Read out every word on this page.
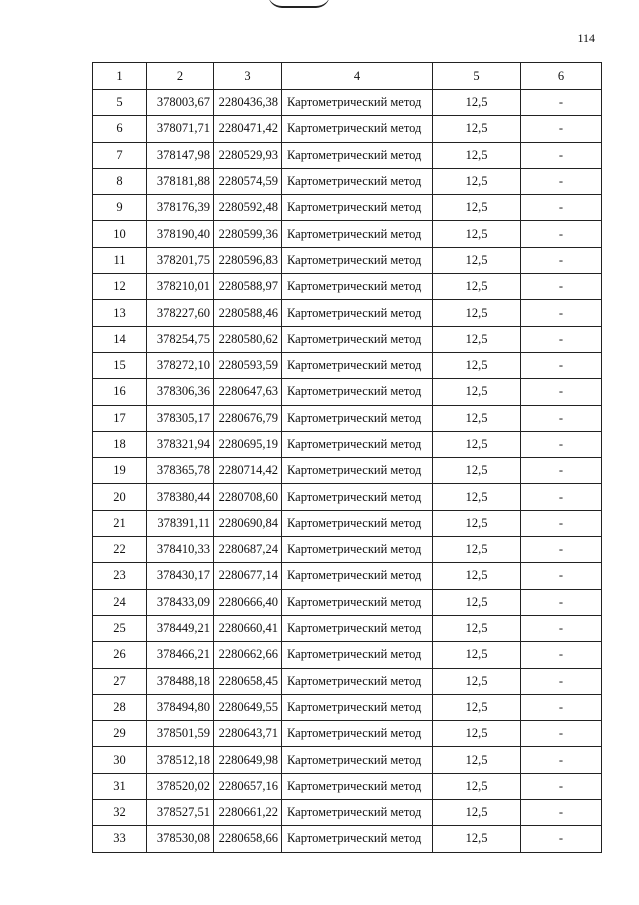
114
1	2	3	4	5	6
5	378003,67	2280436,38	Картометрический метод	12,5	-
6	378071,71	2280471,42	Картометрический метод	12,5	-
7	378147,98	2280529,93	Картометрический метод	12,5	-
8	378181,88	2280574,59	Картометрический метод	12,5	-
9	378176,39	2280592,48	Картометрический метод	12,5	-
10	378190,40	2280599,36	Картометрический метод	12,5	-
11	378201,75	2280596,83	Картометрический метод	12,5	-
12	378210,01	2280588,97	Картометрический метод	12,5	-
13	378227,60	2280588,46	Картометрический метод	12,5	-
14	378254,75	2280580,62	Картометрический метод	12,5	-
15	378272,10	2280593,59	Картометрический метод	12,5	-
16	378306,36	2280647,63	Картометрический метод	12,5	-
17	378305,17	2280676,79	Картометрический метод	12,5	-
18	378321,94	2280695,19	Картометрический метод	12,5	-
19	378365,78	2280714,42	Картометрический метод	12,5	-
20	378380,44	2280708,60	Картометрический метод	12,5	-
21	378391,11	2280690,84	Картометрический метод	12,5	-
22	378410,33	2280687,24	Картометрический метод	12,5	-
23	378430,17	2280677,14	Картометрический метод	12,5	-
24	378433,09	2280666,40	Картометрический метод	12,5	-
25	378449,21	2280660,41	Картометрический метод	12,5	-
26	378466,21	2280662,66	Картометрический метод	12,5	-
27	378488,18	2280658,45	Картометрический метод	12,5	-
28	378494,80	2280649,55	Картометрический метод	12,5	-
29	378501,59	2280643,71	Картометрический метод	12,5	-
30	378512,18	2280649,98	Картометрический метод	12,5	-
31	378520,02	2280657,16	Картометрический метод	12,5	-
32	378527,51	2280661,22	Картометрический метод	12,5	-
33	378530,08	2280658,66	Картометрический метод	12,5	-
